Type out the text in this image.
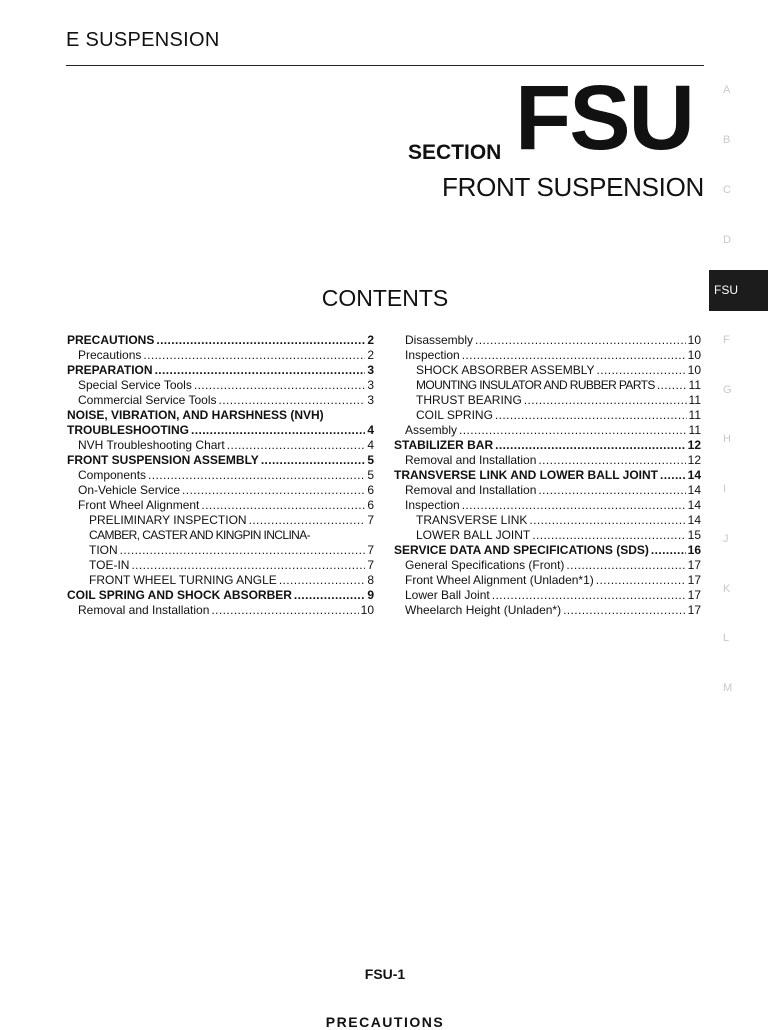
E SUSPENSION
SECTION FSU
FRONT SUSPENSION
CONTENTS
PRECAUTIONS .....	2
Precautions .....	2
PREPARATION .....	3
Special Service Tools .....	3
Commercial Service Tools .....	3
NOISE, VIBRATION, AND HARSHNESS (NVH)
TROUBLESHOOTING .....	4
NVH Troubleshooting Chart .....	4
FRONT SUSPENSION ASSEMBLY .....	5
Components .....	5
On-Vehicle Service .....	6
Front Wheel Alignment .....	6
PRELIMINARY INSPECTION .....	7
CAMBER, CASTER AND KINGPIN INCLINA-
TION .....	7
TOE-IN .....	7
FRONT WHEEL TURNING ANGLE .....	8
COIL SPRING AND SHOCK ABSORBER .....	9
Removal and Installation .....	10
Disassembly .....	10
Inspection .....	10
SHOCK ABSORBER ASSEMBLY .....	10
MOUNTING INSULATOR AND RUBBER PARTS .....	11
THRUST BEARING .....	11
COIL SPRING .....	11
Assembly .....	11
STABILIZER BAR .....	12
Removal and Installation .....	12
TRANSVERSE LINK AND LOWER BALL JOINT ..... 14
Removal and Installation .....	14
Inspection .....	14
TRANSVERSE LINK .....	14
LOWER BALL JOINT .....	15
SERVICE DATA AND SPECIFICATIONS (SDS) .....	16
General Specifications (Front) .....	17
Front Wheel Alignment (Unladen*1) .....	17
Lower Ball Joint .....	17
Wheelarch Height (Unladen*) .....	17
FSU
A
B
C
D
F
G
H
I
J
K
L
M
FSU-1
PRECAUTIONS
